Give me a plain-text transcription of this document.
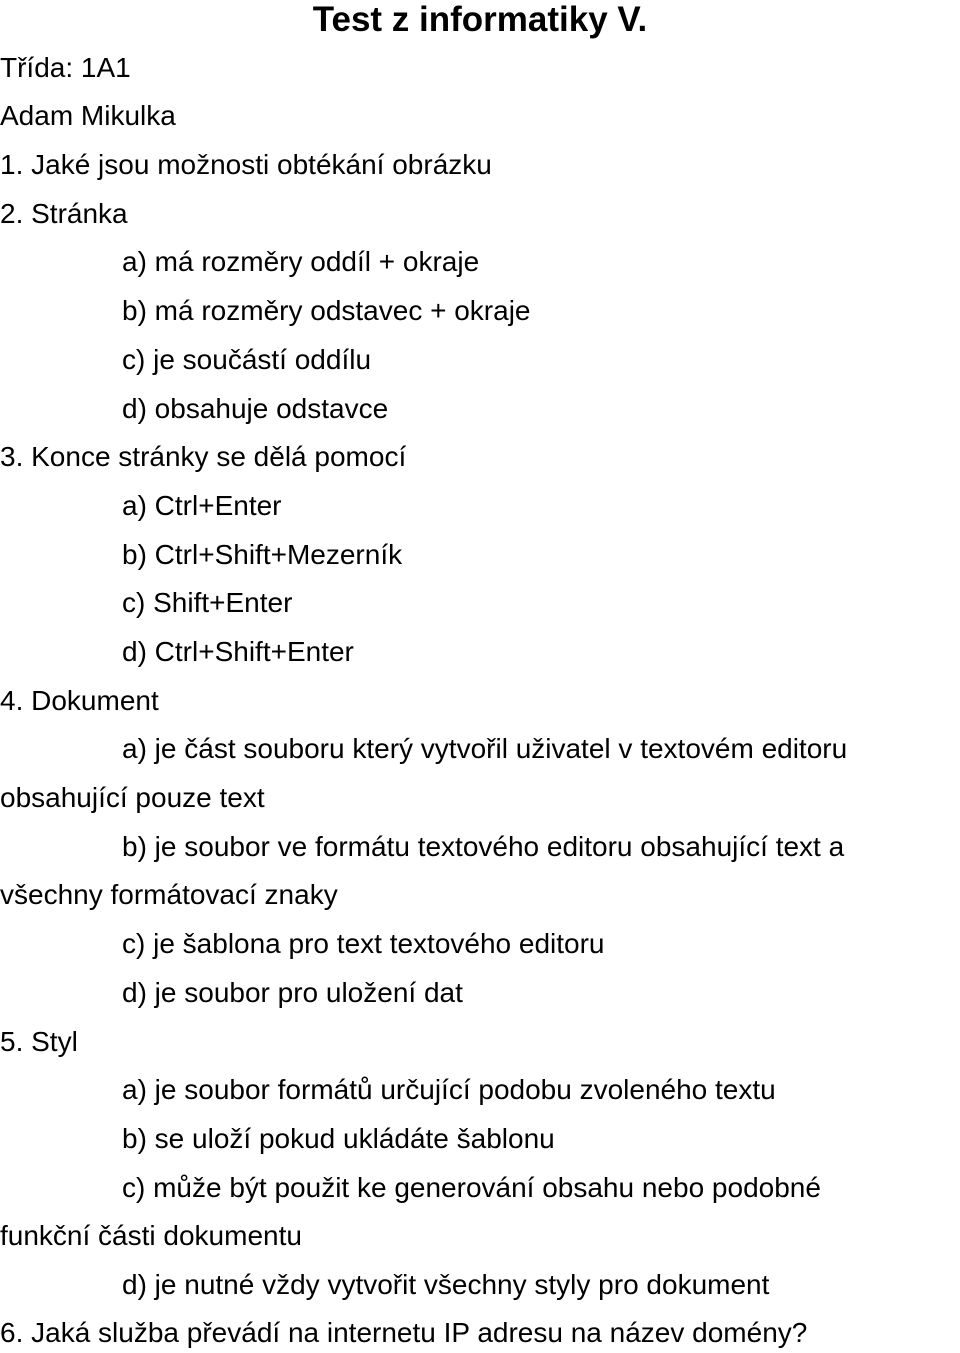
Test z informatiky V.
Třída: 1A1
Adam Mikulka
1. Jaké jsou možnosti obtékání obrázku
2. Stránka
a) má rozměry oddíl + okraje
b) má rozměry odstavec + okraje
c) je součástí oddílu
d) obsahuje odstavce
3. Konce stránky se dělá pomocí
a) Ctrl+Enter
b) Ctrl+Shift+Mezerník
c) Shift+Enter
d) Ctrl+Shift+Enter
4. Dokument
a) je část souboru který vytvořil uživatel v textovém editoru
obsahující pouze text
b) je soubor ve formátu textového editoru obsahující text a
všechny formátovací znaky
c) je šablona pro text textového editoru
d) je soubor pro uložení dat
5. Styl
a) je soubor formátů určující podobu zvoleného textu
b) se uloží pokud ukládáte šablonu
c) může být použit ke generování obsahu nebo podobné
funkční části dokumentu
d) je nutné vždy vytvořit všechny styly pro dokument
6. Jaká služba převádí na internetu IP adresu na název domény?
